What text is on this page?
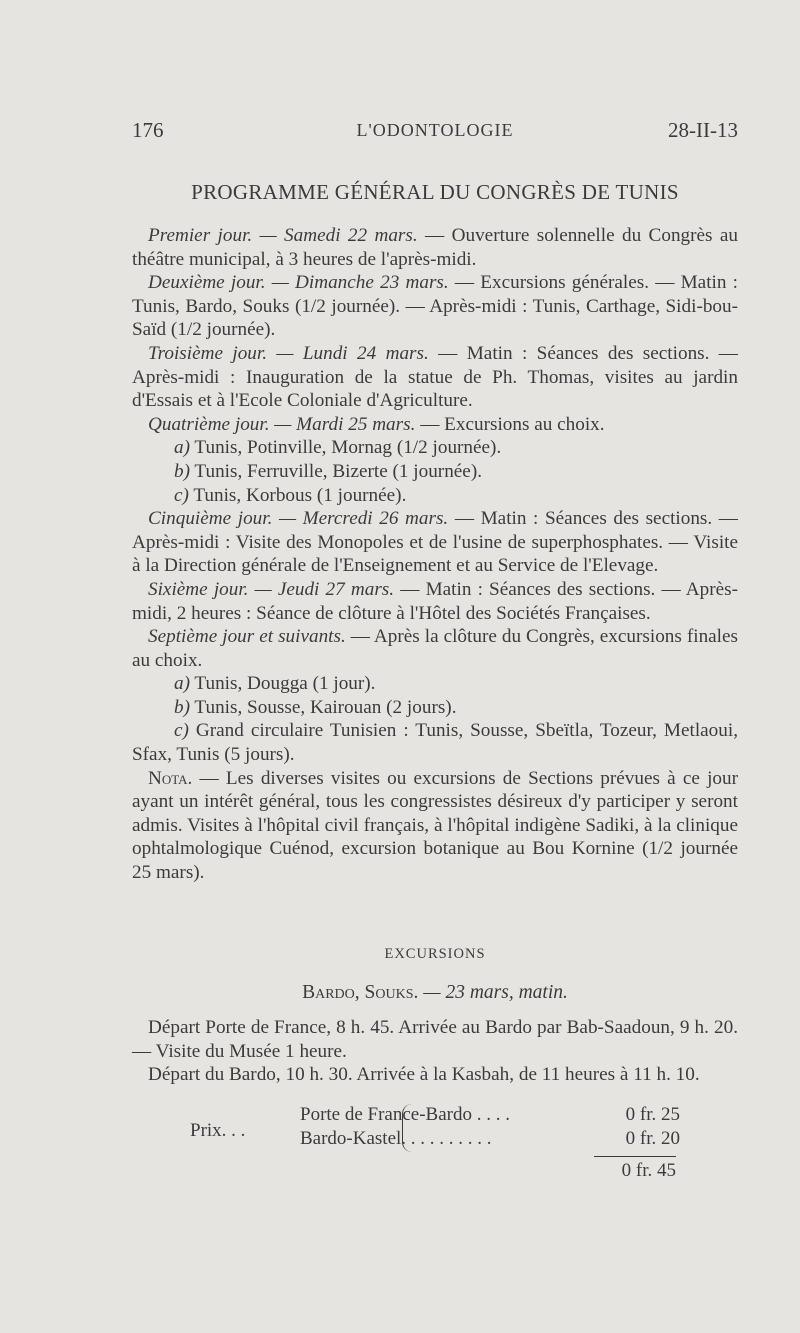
176	L'ODONTOLOGIE	28-II-13
PROGRAMME GÉNÉRAL DU CONGRÈS DE TUNIS

Premier jour. — Samedi 22 mars. — Ouverture solennelle du Congrès au théâtre municipal, à 3 heures de l'après-midi.

Deuxième jour. — Dimanche 23 mars. — Excursions générales. — Matin : Tunis, Bardo, Souks (1/2 journée). — Après-midi : Tunis, Carthage, Sidi-bou-Saïd (1/2 journée).

Troisième jour. — Lundi 24 mars. — Matin : Séances des sections. — Après-midi : Inauguration de la statue de Ph. Thomas, visites au jardin d'Essais et à l'Ecole Coloniale d'Agriculture.

Quatrième jour. — Mardi 25 mars. — Excursions au choix.

a) Tunis, Potinville, Mornag (1/2 journée).

b) Tunis, Ferruville, Bizerte (1 journée).

c) Tunis, Korbous (1 journée).

Cinquième jour. — Mercredi 26 mars. — Matin : Séances des sections. — Après-midi : Visite des Monopoles et de l'usine de superphosphates. — Visite à la Direction générale de l'Enseignement et au Service de l'Elevage.

Sixième jour. — Jeudi 27 mars. — Matin : Séances des sections. — Après-midi, 2 heures : Séance de clôture à l'Hôtel des Sociétés Françaises.

Septième jour et suivants. — Après la clôture du Congrès, excursions finales au choix.

a) Tunis, Dougga (1 jour).

b) Tunis, Sousse, Kairouan (2 jours).

c) Grand circulaire Tunisien : Tunis, Sousse, Sbeïtla, Tozeur, Metlaoui, Sfax, Tunis (5 jours).

Nota. — Les diverses visites ou excursions de Sections prévues à ce jour ayant un intérêt général, tous les congressistes désireux d'y participer y seront admis. Visites à l'hôpital civil français, à l'hôpital indigène Sadiki, à la clinique ophtalmologique Cuénod, excursion botanique au Bou Kornine (1/2 journée 25 mars).

EXCURSIONS
Bardo, Souks. — 23 mars, matin.

Départ Porte de France, 8 h. 45. Arrivée au Bardo par Bab-Saadoun, 9 h. 20. — Visite du Musée 1 heure.

Départ du Bardo, 10 h. 30. Arrivée à la Kasbah, de 11 heures à 11 h. 10.

Prix. . .
Porte de France-Bardo . . . .	0 fr. 25
Bardo-Kastel. . . . . . . . . .	0 fr. 20
0 fr. 45
